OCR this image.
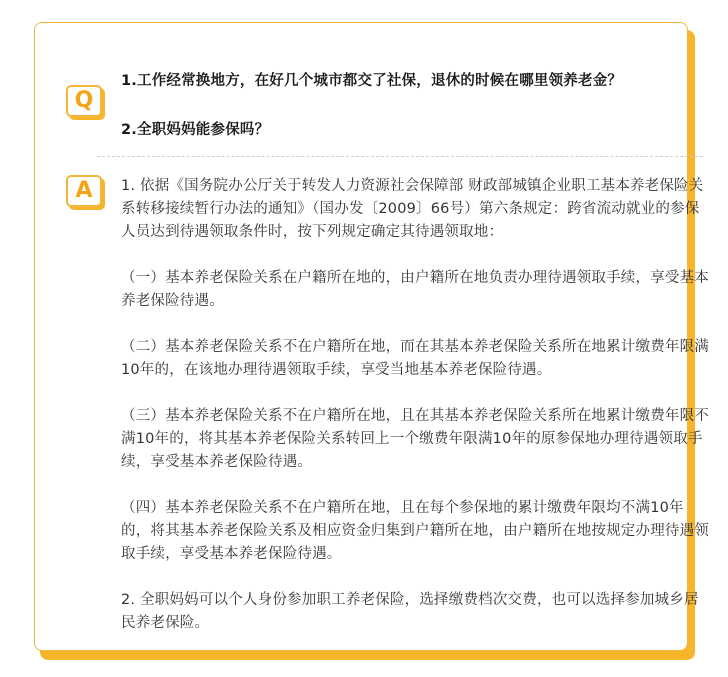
Q
1.工作经常换地方，在好几个城市都交了社保，退休的时候在哪里领养老金？
2.全职妈妈能参保吗？
A	1. 依据《国务院办公厅关于转发人力资源社会保障部 财政部城镇企业职工基本养老保险关系转移接续暂行办法的通知》（国办发〔2009〕66号）第六条规定：跨省流动就业的参保人员达到待遇领取条件时，按下列规定确定其待遇领取地：

（一）基本养老保险关系在户籍所在地的，由户籍所在地负责办理待遇领取手续，享受基本养老保险待遇。

（二）基本养老保险关系不在户籍所在地，而在其基本养老保险关系所在地累计缴费年限满10年的，在该地办理待遇领取手续，享受当地基本养老保险待遇。

（三）基本养老保险关系不在户籍所在地，且在其基本养老保险关系所在地累计缴费年限不满10年的，将其基本养老保险关系转回上一个缴费年限满10年的原参保地办理待遇领取手续，享受基本养老保险待遇。

（四）基本养老保险关系不在户籍所在地，且在每个参保地的累计缴费年限均不满10年的，将其基本养老保险关系及相应资金归集到户籍所在地，由户籍所在地按规定办理待遇领取手续，享受基本养老保险待遇。

2. 全职妈妈可以个人身份参加职工养老保险，选择缴费档次交费，也可以选择参加城乡居民养老保险。
